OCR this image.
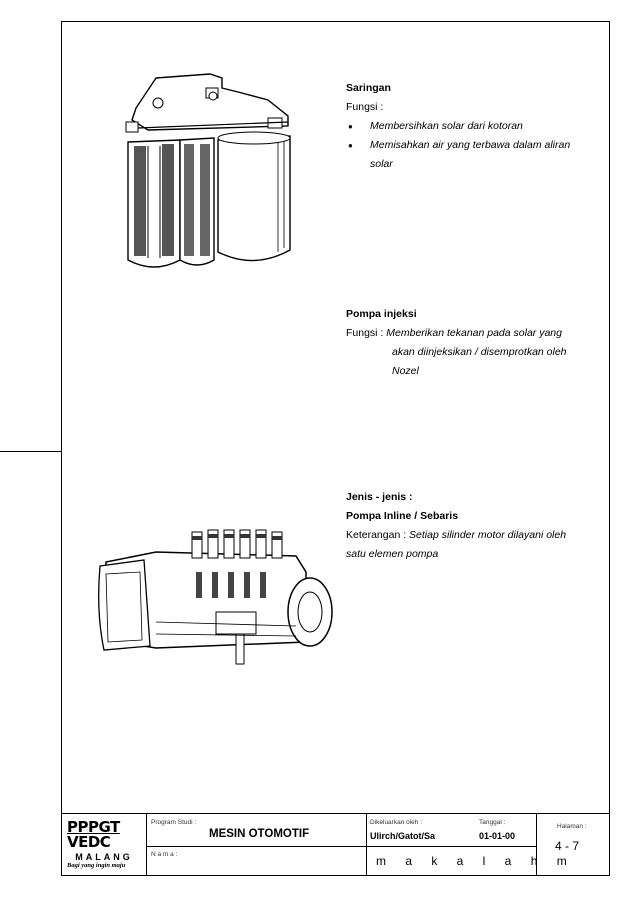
Saringan
Fungsi :
● Membersihkan solar dari kotoran
● Memisahkan air yang terbawa dalam aliran
solar
Pompa injeksi
Fungsi : Memberikan tekanan pada solar yang
akan diinjeksikan / disemprotkan oleh
Nozel
Jenis - jenis :
Pompa Inline / Sebaris
Keterangan : Setiap silinder motor dilayani oleh
satu elemen pompa
PPPGT
VEDC
MALANG
Bagi yang ingin maju
Program Studi :
MESIN OTOMOTIF
N a m a :
Dikeluarkan oleh :
Ulirch/Gatot/Sa
Tanggal :
01-01-00
m a k a l a h m
Halaman :
4 - 7
